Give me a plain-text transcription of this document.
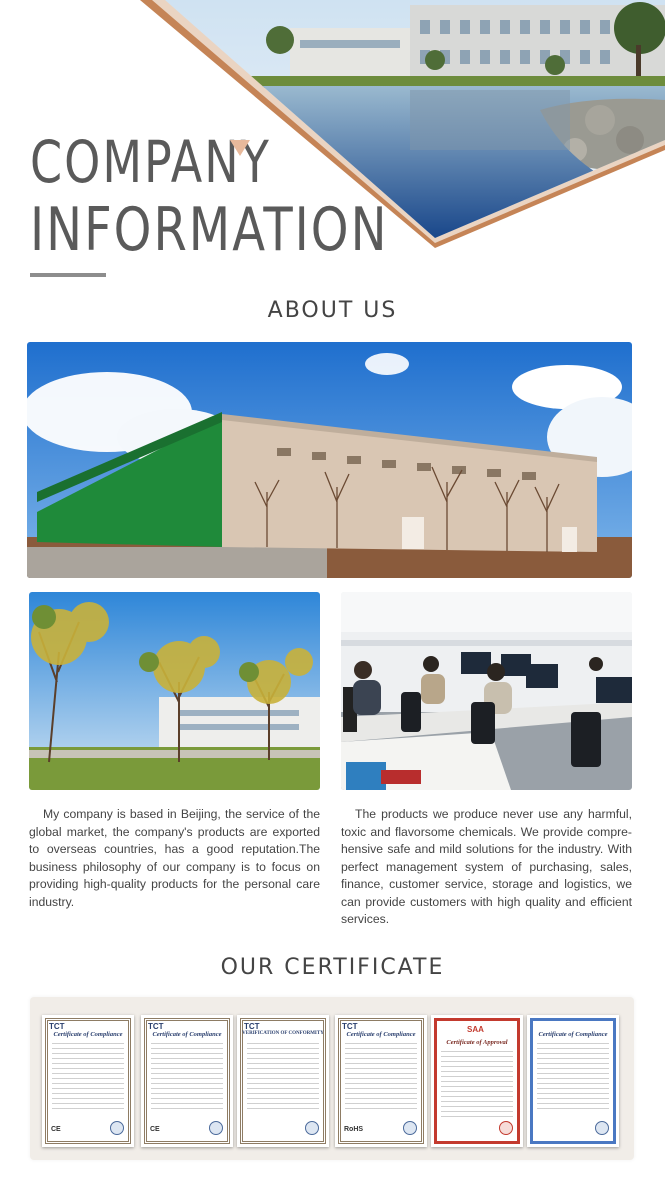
COMPANY
INFORMATION
ABOUT US
My company is based in Beijing, the service of the global market, the company's products are exported to overseas countries, has a good reputation.The business philosophy of our company is to focus on providing high-quality products for the personal care industry.
The products we produce never use any harmful, toxic and flavorsome chemicals. We provide compre-hensive safe and mild solutions for the industry. With perfect management system of purchasing, sales, finance, customer service, storage and logistics, we can provide customers with high quality and efficient services.
OUR CERTIFICATE
TCT
Certificate of Compliance
CE
TCT
Certificate of Compliance
CE
TCT
VERIFICATION OF CONFORMITY
TCT
Certificate of Compliance
RoHS
SAA
Certificate of Approval
Certificate of Compliance
